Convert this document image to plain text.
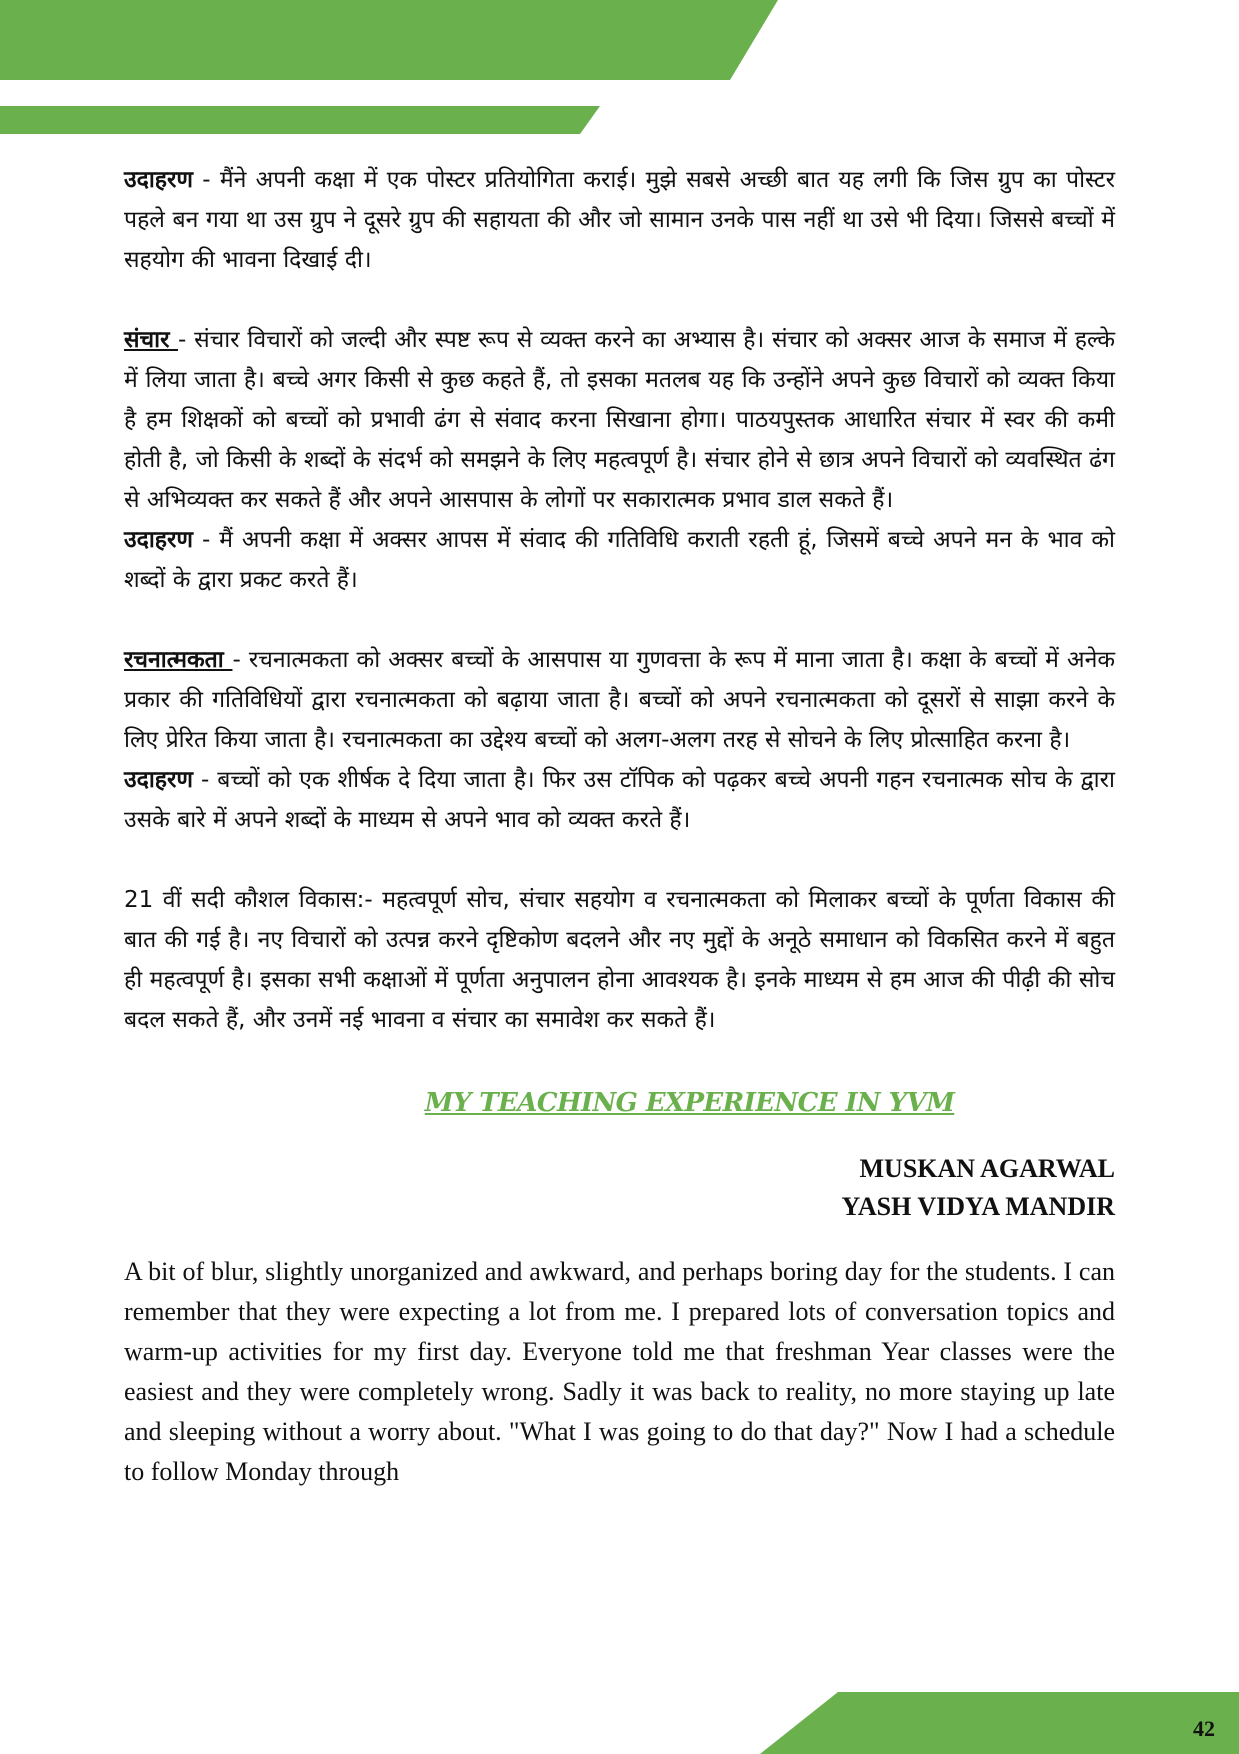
उदाहरण - मैंने अपनी कक्षा में एक पोस्टर प्रतियोगिता कराई। मुझे सबसे अच्छी बात यह लगी कि जिस ग्रुप का पोस्टर पहले बन गया था उस ग्रुप ने दूसरे ग्रुप की सहायता की और जो सामान उनके पास नहीं था उसे भी दिया। जिससे बच्चों में सहयोग की भावना दिखाई दी।

संचार - संचार विचारों को जल्दी और स्पष्ट रूप से व्यक्त करने का अभ्यास है। संचार को अक्सर आज के समाज में हल्के में लिया जाता है। बच्चे अगर किसी से कुछ कहते हैं, तो इसका मतलब यह कि उन्होंने अपने कुछ विचारों को व्यक्त किया है हम शिक्षकों को बच्चों को प्रभावी ढंग से संवाद करना सिखाना होगा। पाठयपुस्तक आधारित संचार में स्वर की कमी होती है, जो किसी के शब्दों के संदर्भ को समझने के लिए महत्वपूर्ण है। संचार होने से छात्र अपने विचारों को व्यवस्थित ढंग से अभिव्यक्त कर सकते हैं और अपने आसपास के लोगों पर सकारात्मक प्रभाव डाल सकते हैं।

उदाहरण - मैं अपनी कक्षा में अक्सर आपस में संवाद की गतिविधि कराती रहती हूं, जिसमें बच्चे अपने मन के भाव को शब्दों के द्वारा प्रकट करते हैं।

रचनात्मकता - रचनात्मकता को अक्सर बच्चों के आसपास या गुणवत्ता के रूप में माना जाता है। कक्षा के बच्चों में अनेक प्रकार की गतिविधियों द्वारा रचनात्मकता को बढ़ाया जाता है। बच्चों को अपने रचनात्मकता को दूसरों से साझा करने के लिए प्रेरित किया जाता है। रचनात्मकता का उद्देश्य बच्चों को अलग-अलग तरह से सोचने के लिए प्रोत्साहित करना है।

उदाहरण - बच्चों को एक शीर्षक दे दिया जाता है। फिर उस टॉपिक को पढ़कर बच्चे अपनी गहन रचनात्मक सोच के द्वारा उसके बारे में अपने शब्दों के माध्यम से अपने भाव को व्यक्त करते हैं।

21 वीं सदी कौशल विकास:- महत्वपूर्ण सोच, संचार सहयोग व रचनात्मकता को मिलाकर बच्चों के पूर्णता विकास की बात की गई है। नए विचारों को उत्पन्न करने दृष्टिकोण बदलने और नए मुद्दों के अनूठे समाधान को विकसित करने में बहुत ही महत्वपूर्ण है। इसका सभी कक्षाओं में पूर्णता अनुपालन होना आवश्यक है। इनके माध्यम से हम आज की पीढ़ी की सोच बदल सकते हैं, और उनमें नई भावना व संचार का समावेश कर सकते हैं।

MY TEACHING EXPERIENCE IN YVM
MUSKAN AGARWAL
YASH VIDYA MANDIR

A bit of blur, slightly unorganized and awkward, and perhaps boring day for the students. I can remember that they were expecting a lot from me. I prepared lots of conversation topics and warm-up activities for my first day. Everyone told me that freshman Year classes were the easiest and they were completely wrong. Sadly it was back to reality, no more staying up late and sleeping without a worry about. "What I was going to do that day?" Now I had a schedule to follow Monday through

42
